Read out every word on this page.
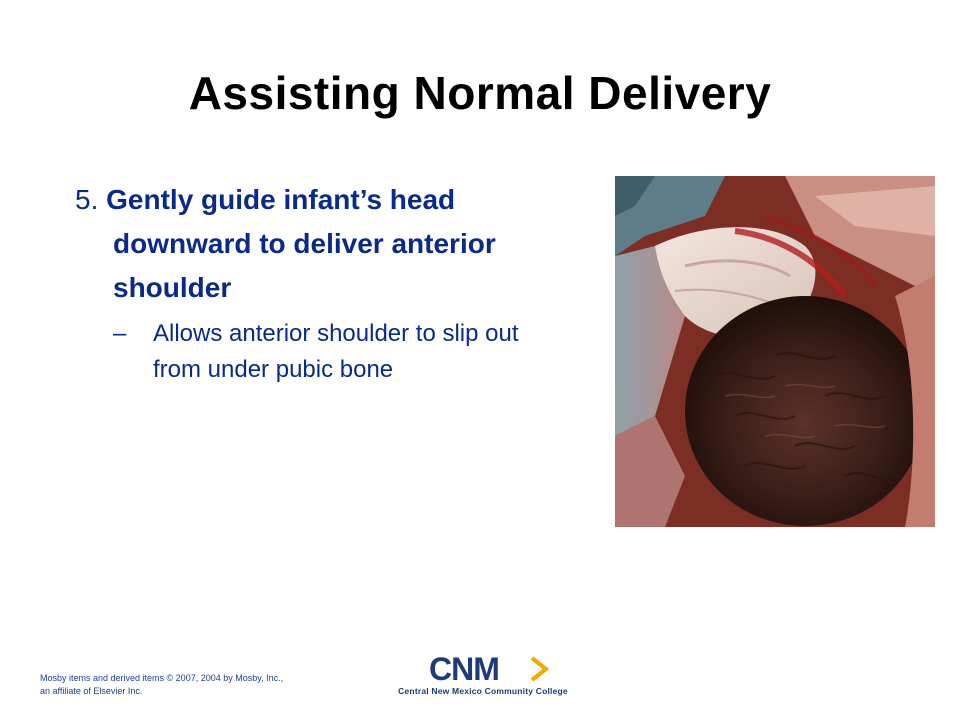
Assisting Normal Delivery
5. Gently guide infant’s head downward to deliver anterior shoulder
– Allows anterior shoulder to slip out from under pubic bone
Mosby items and derived items © 2007, 2004 by Mosby, Inc.,
an affiliate of Elsevier Inc.
CNM
Central New Mexico Community College
